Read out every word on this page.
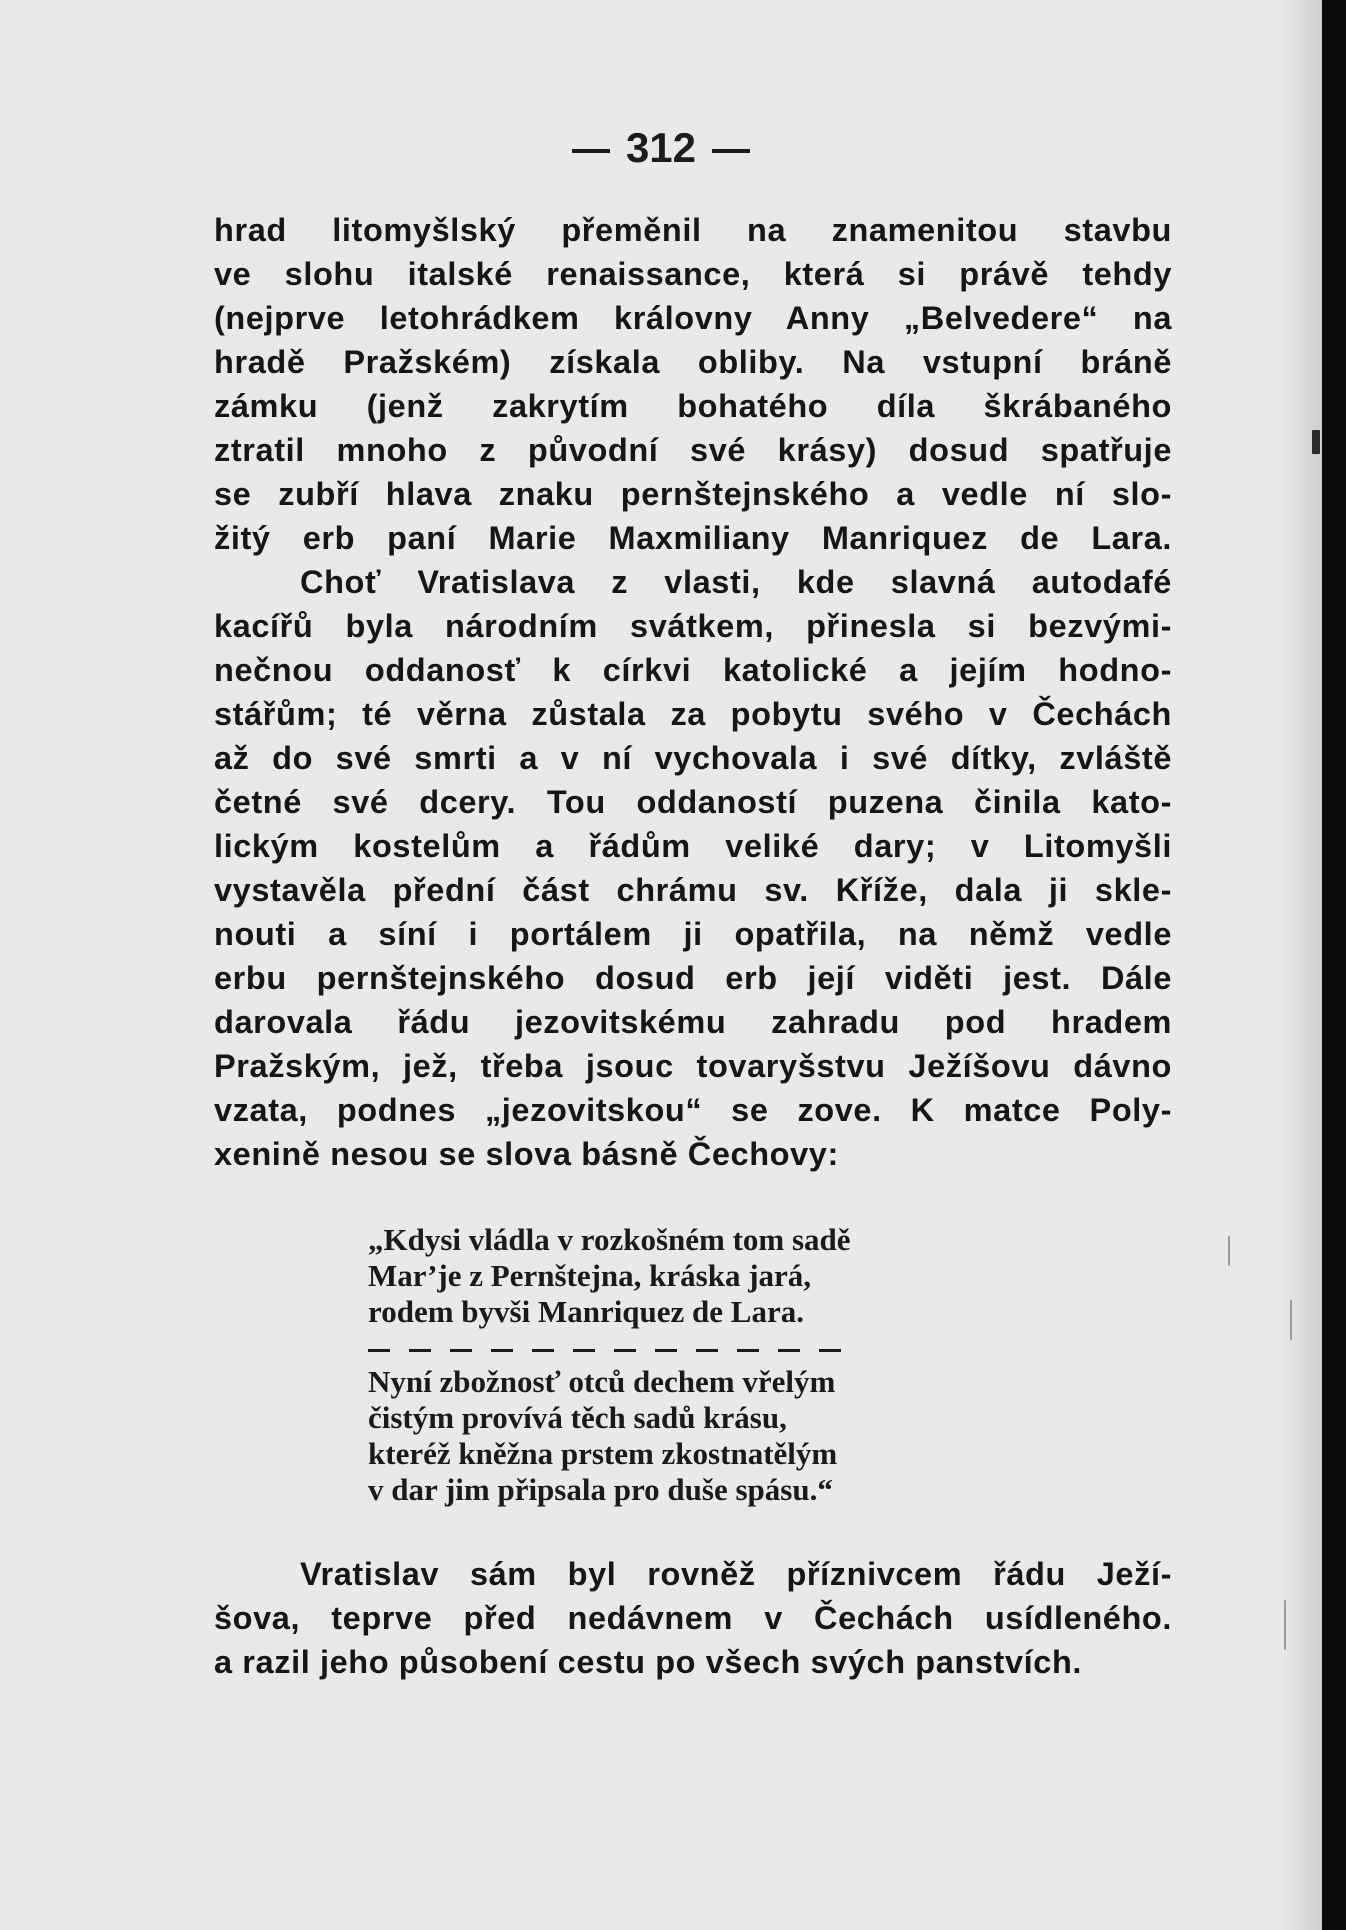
312
hrad litomyšlský přeměnil na znamenitou stavbu
ve slohu italské renaissance, která si právě tehdy
(nejprve letohrádkem královny Anny „Belvedere“ na
hradě Pražském) získala obliby. Na vstupní bráně
zámku (jenž zakrytím bohatého díla škrábaného
ztratil mnoho z původní své krásy) dosud spatřuje
se zubří hlava znaku pernštejnského a vedle ní slo-
žitý erb paní Marie Maxmiliany Manriquez de Lara.
Choť Vratislava z vlasti, kde slavná autodafé
kacířů byla národním svátkem, přinesla si bezvými-
nečnou oddanosť k církvi katolické a jejím hodno-
stářům; té věrna zůstala za pobytu svého v Čechách
až do své smrti a v ní vychovala i své dítky, zvláště
četné své dcery. Tou oddaností puzena činila kato-
lickým kostelům a řádům veliké dary; v Litomyšli
vystavěla přední část chrámu sv. Kříže, dala ji skle-
nouti a síní i portálem ji opatřila, na němž vedle
erbu pernštejnského dosud erb její viděti jest. Dále
darovala řádu jezovitskému zahradu pod hradem
Pražským, jež, třeba jsouc tovaryšstvu Ježíšovu dávno
vzata, podnes „jezovitskou“ se zove. K matce Poly-
xenině nesou se slova básně Čechovy:
„Kdysi vládla v rozkošném tom sadě
Mar’je z Pernštejna, kráska jará,
rodem byvši Manriquez de Lara.
Nyní zbožnosť otců dechem vřelým
čistým provívá těch sadů krásu,
kteréž kněžna prstem zkostnatělým
v dar jim připsala pro duše spásu.“
Vratislav sám byl rovněž příznivcem řádu Ježí-
šova, teprve před nedávnem v Čechách usídleného.
a razil jeho působení cestu po všech svých panstvích.
